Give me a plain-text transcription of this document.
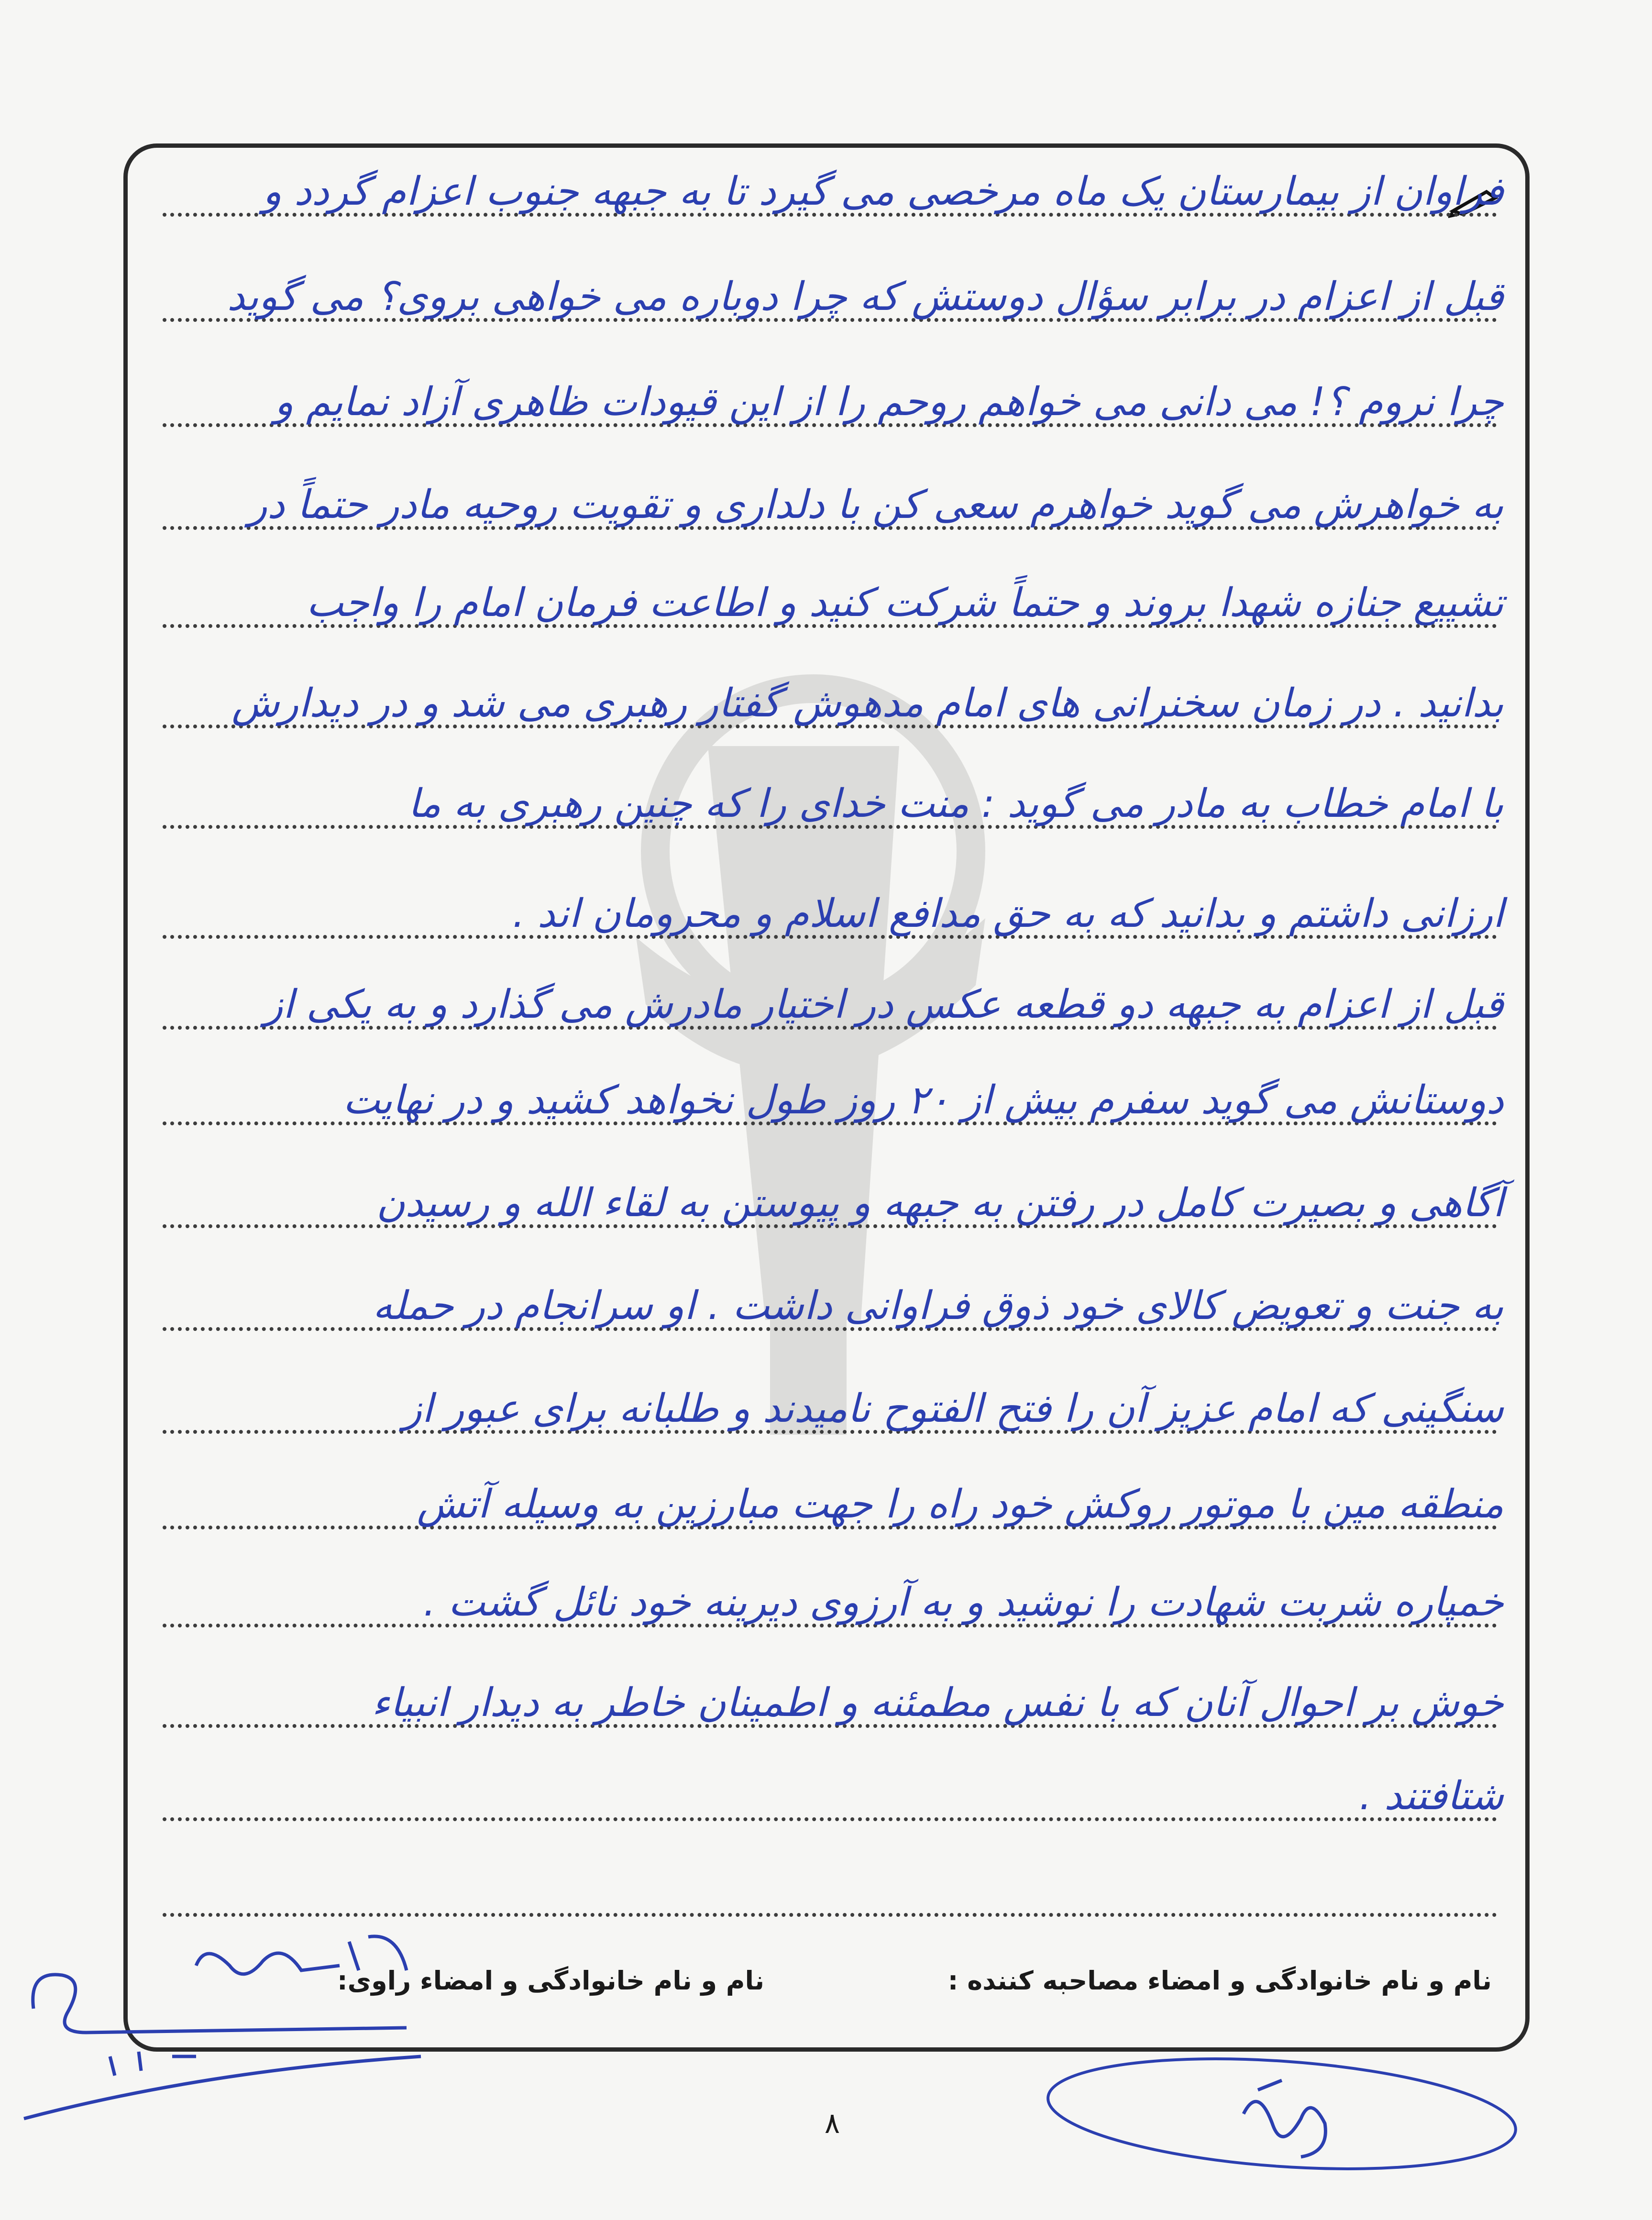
فراوان از بیمارستان یک ماه مرخصی می گیرد تا به جبهه جنوب اعزام گردد و
قبل از اعزام در برابر سؤال دوستش که چرا دوباره می خواهی بروی؟ می گوید
چرا نروم ؟! می دانی می خواهم روحم را از این قیودات ظاهری آزاد نمایم و
به خواهرش می گوید خواهرم سعی کن با دلداری و تقویت روحیه مادر حتماً در
تشییع جنازه شهدا بروند و حتماً شرکت کنید و اطاعت فرمان امام را واجب
بدانید . در زمان سخنرانی های امام مدهوش گفتار رهبری می شد و در دیدارش
با امام خطاب به مادر می گوید : منت خدای را که چنین رهبری به ما
ارزانی داشتم و بدانید که به حق مدافع اسلام و محرومان اند .
قبل از اعزام به جبهه دو قطعه عکس در اختیار مادرش می گذارد و به یکی از
دوستانش می گوید سفرم بیش از ۲۰ روز طول نخواهد کشید و در نهایت
آگاهی و بصیرت کامل در رفتن به جبهه و پیوستن به لقاء الله و رسیدن
به جنت و تعویض کالای خود ذوق فراوانی داشت . او سرانجام در حمله
سنگینی که امام عزیز آن را فتح الفتوح نامیدند و طلبانه برای عبور از
منطقه مین با موتور روکش خود راه را جهت مبارزین به وسیله آتش
خمپاره شربت شهادت را نوشید و به آرزوی دیرینه خود نائل گشت .
خوش بر احوال آنان که با نفس مطمئنه و اطمینان خاطر به دیدار انبیاء
شتافتند .
نام و نام خانوادگی و امضاء مصاحبه کننده :
نام و نام خانوادگی و امضاء راوی:
۸
